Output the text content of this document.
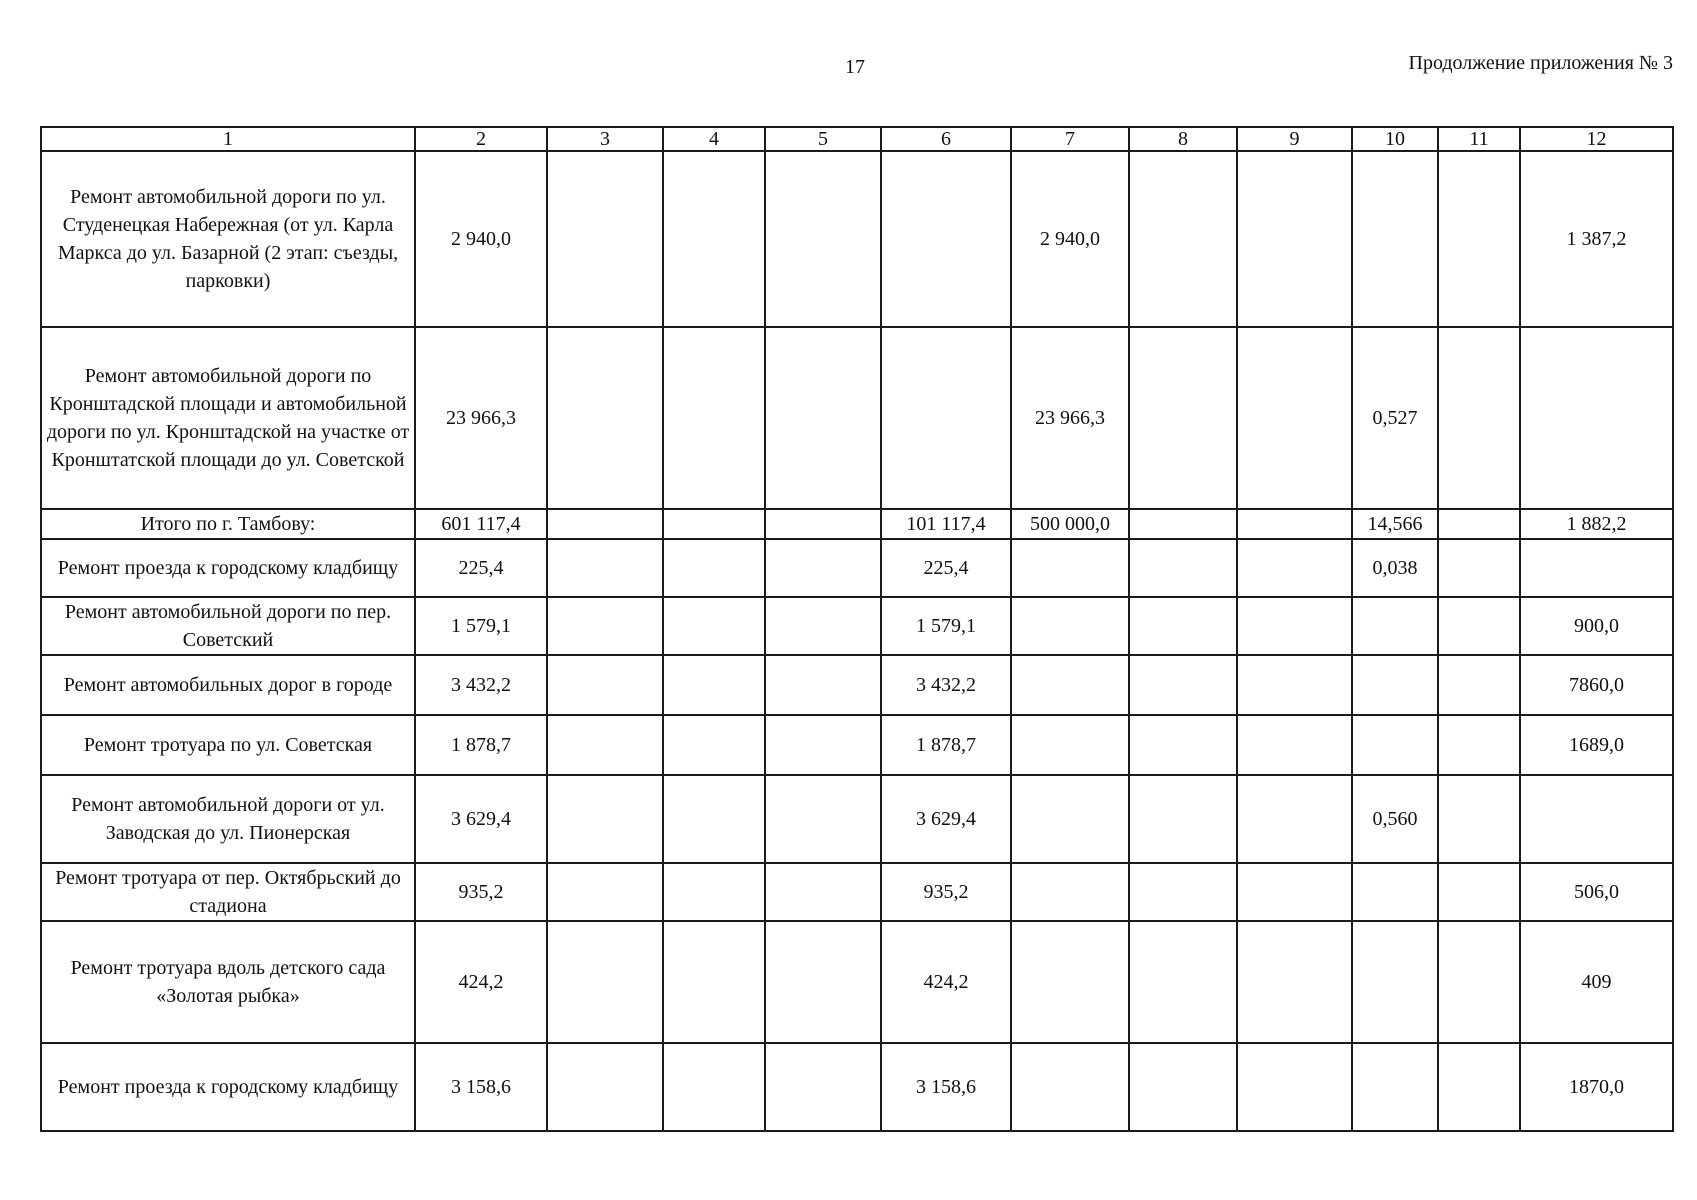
17	Продолжение приложения № 3
1	2	3	4	5	6	7	8	9	10	11	12
Ремонт автомобильной дороги по ул. Студенецкая Набережная (от ул. Карла Маркса до ул. Базарной (2 этап: съезды, парковки)	2 940,0					2 940,0					1 387,2
Ремонт автомобильной дороги по Кронштадской площади и автомобильной дороги по ул. Кронштадской на участке от Кронштатской площади до ул. Советской	23 966,3					23 966,3			0,527		
Итого по г. Тамбову:	601 117,4				101 117,4	500 000,0			14,566		1 882,2
Ремонт проезда к городскому кладбищу	225,4				225,4				0,038		
Ремонт автомобильной дороги по пер. Советский	1 579,1				1 579,1						900,0
Ремонт автомобильных дорог в городе	3 432,2				3 432,2						7860,0
Ремонт тротуара по ул. Советская	1 878,7				1 878,7						1689,0
Ремонт автомобильной дороги от ул. Заводская до ул. Пионерская	3 629,4				3 629,4				0,560		
Ремонт тротуара от пер. Октябрьский до стадиона	935,2				935,2						506,0
Ремонт тротуара вдоль детского сада «Золотая рыбка»	424,2				424,2						409
Ремонт проезда к городскому кладбищу	3 158,6				3 158,6						1870,0
